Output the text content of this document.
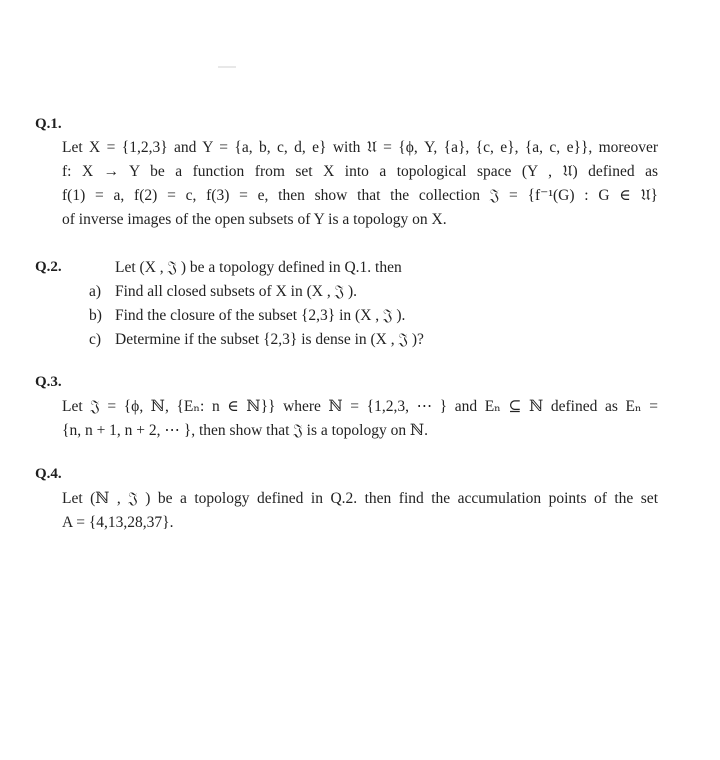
Q.1.
Let X = {1,2,3} and Y = {a, b, c, d, e} with 𝔘 = {ϕ, Y, {a}, {c, e}, {a, c, e}}, moreover
f: X → Y be a function from set X into a topological space (Y , 𝔘) defined as
f(1) = a, f(2) = c, f(3) = e, then show that the collection 𝔍 = {f⁻¹(G) : G ∈ 𝔘}
of inverse images of the open subsets of Y is a topology on X.
Q.2.	Let (X , 𝔍 ) be a topology defined in Q.1. then
a) Find all closed subsets of X in (X , 𝔍 ).
b) Find the closure of the subset {2,3} in (X , 𝔍 ).
c) Determine if the subset {2,3} is dense in (X , 𝔍 )?
Q.3.
Let 𝔍 = {ϕ, ℕ, {Eₙ: n ∈ ℕ}} where ℕ = {1,2,3, ⋯ } and Eₙ ⊆ ℕ defined as Eₙ =
{n, n + 1, n + 2, ⋯ }, then show that 𝔍 is a topology on ℕ.
Q.4.
Let (ℕ , 𝔍 ) be a topology defined in Q.2. then find the accumulation points of the set
A = {4,13,28,37}.
